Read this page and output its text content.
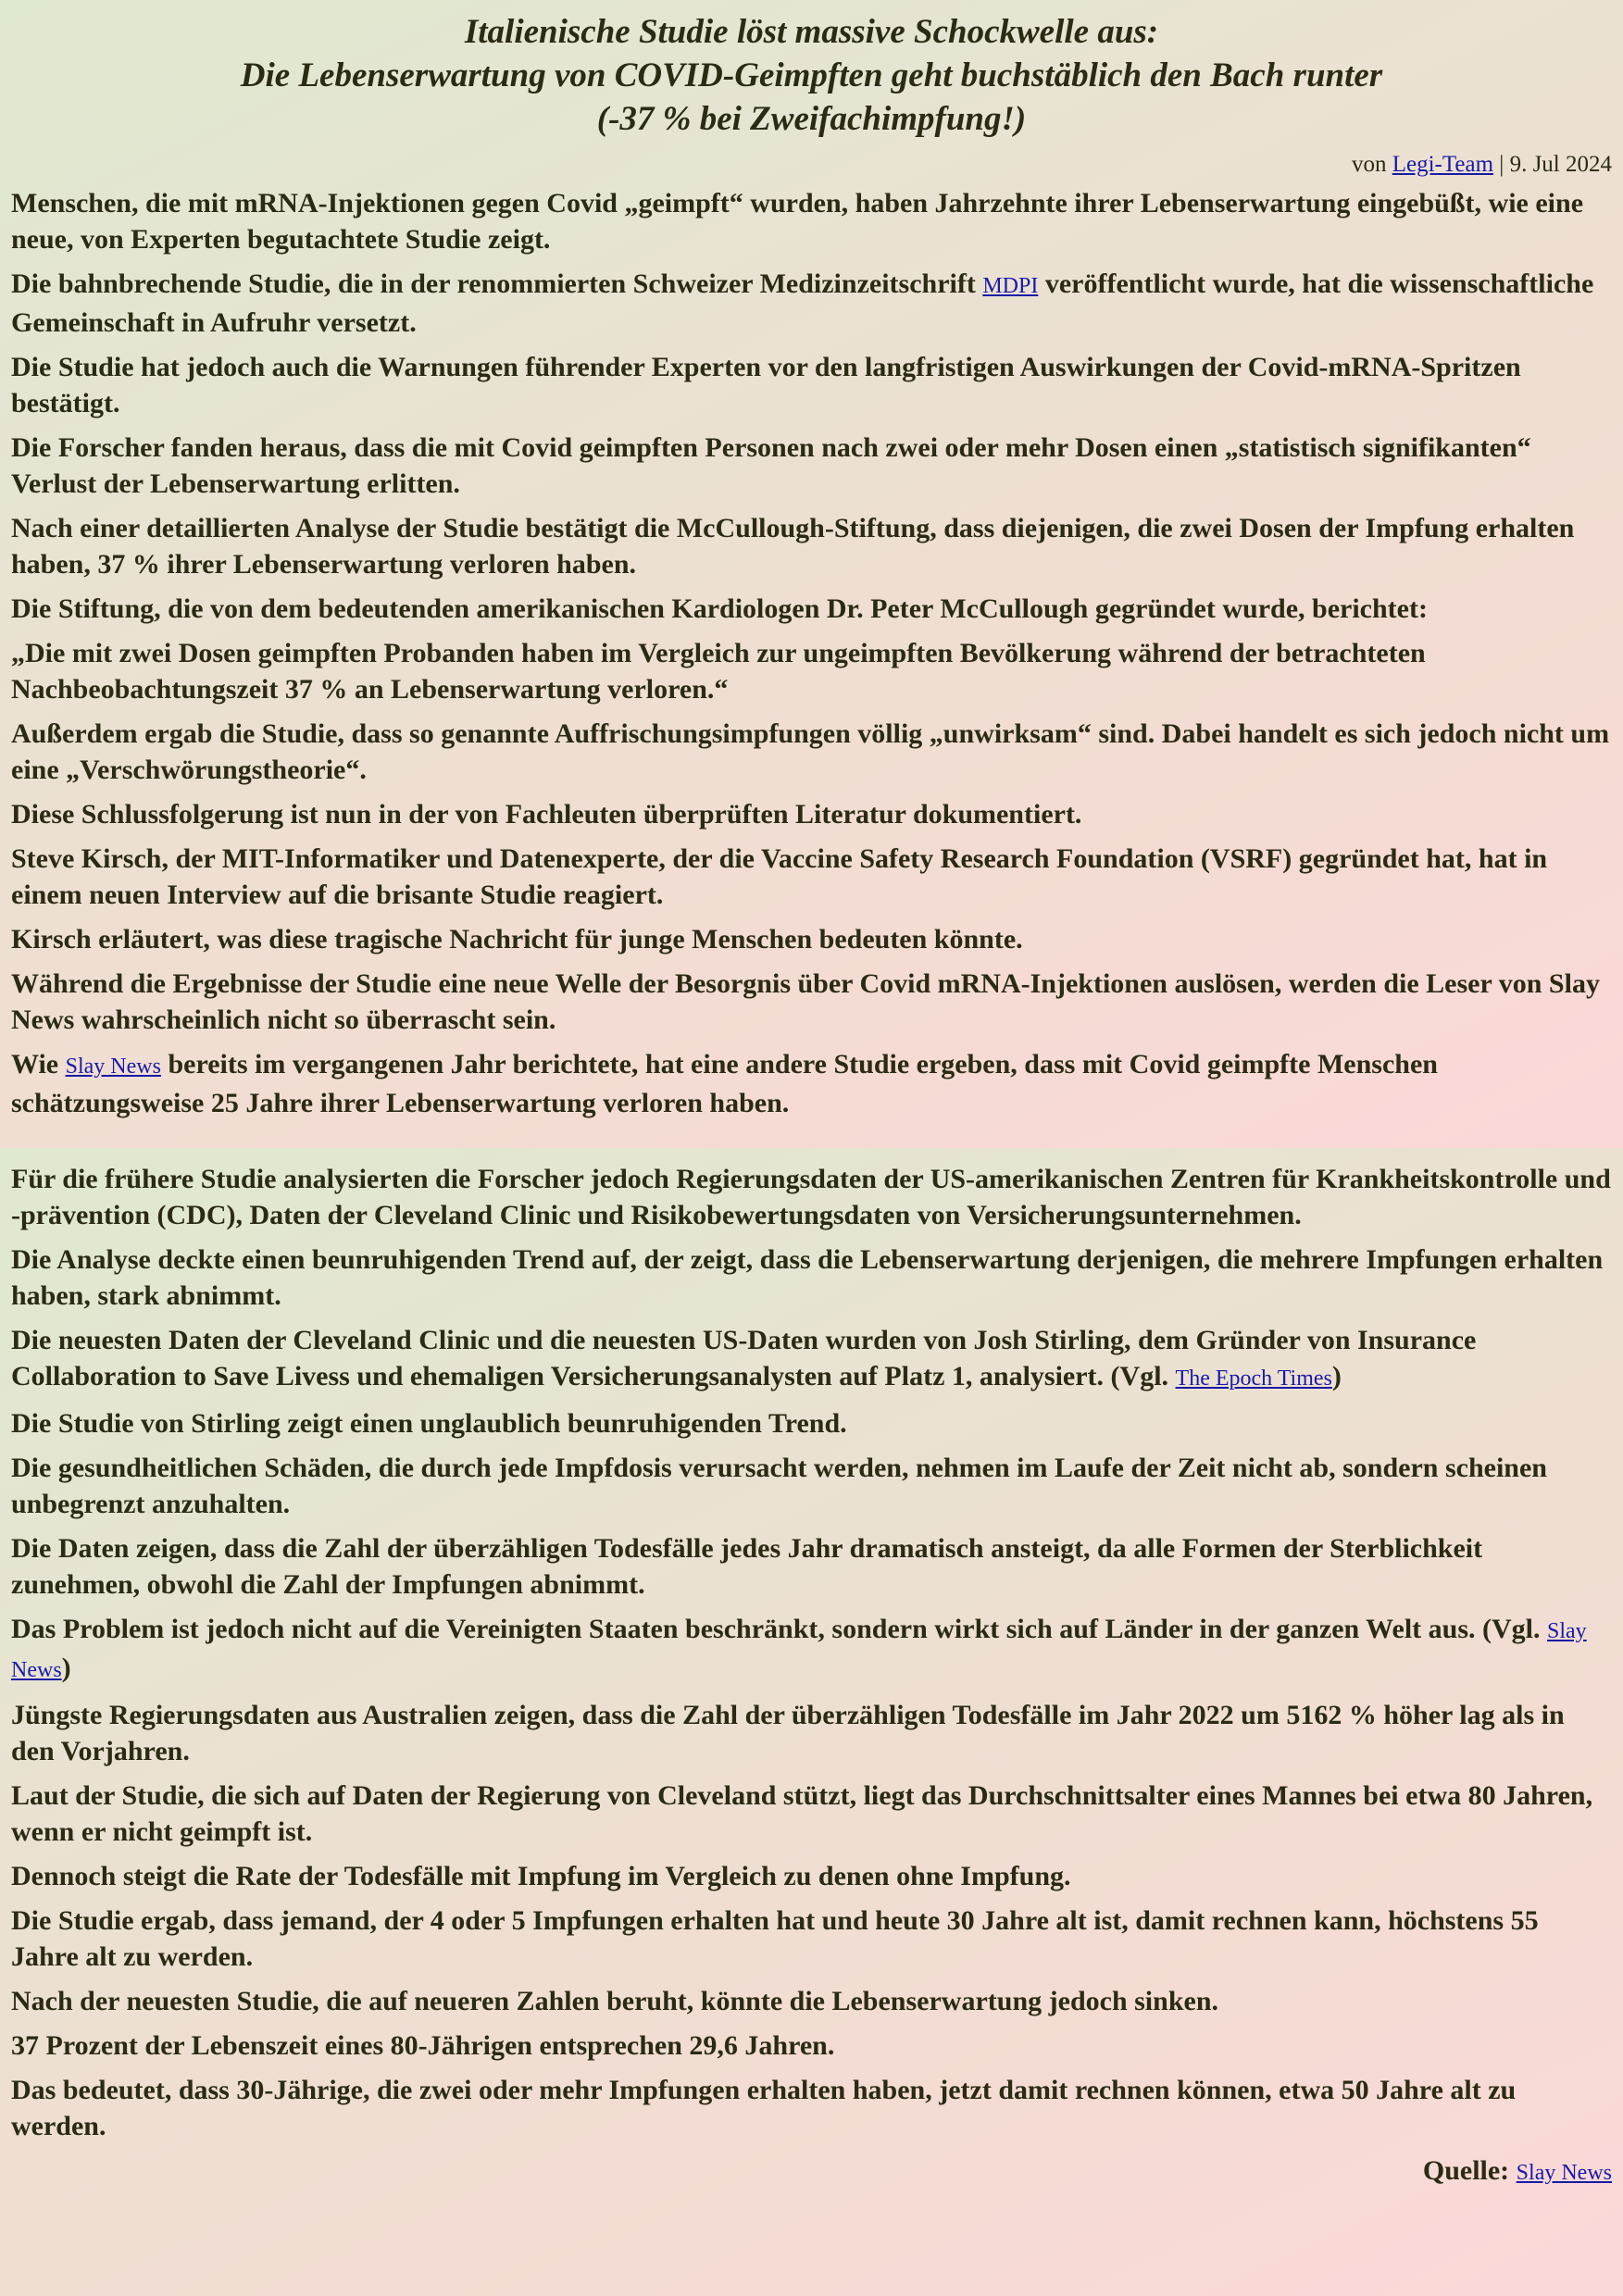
Italienische Studie löst massive Schockwelle aus:
Die Lebenserwartung von COVID-Geimpften geht buchstäblich den Bach runter
(-37 % bei Zweifachimpfung!)
von Legi-Team | 9. Jul 2024

Menschen, die mit mRNA-Injektionen gegen Covid „geimpft“ wurden, haben Jahrzehnte ihrer Lebenserwartung eingebüßt, wie eine neue, von Experten begutachtete Studie zeigt.

Die bahnbrechende Studie, die in der renommierten Schweizer Medizinzeitschrift MDPI veröffentlicht wurde, hat die wissenschaftliche Gemeinschaft in Aufruhr versetzt.

Die Studie hat jedoch auch die Warnungen führender Experten vor den langfristigen Auswirkungen der Covid-mRNA-Spritzen bestätigt.

Die Forscher fanden heraus, dass die mit Covid geimpften Personen nach zwei oder mehr Dosen einen „statistisch signifikanten“ Verlust der Lebenserwartung erlitten.

Nach einer detaillierten Analyse der Studie bestätigt die McCullough-Stiftung, dass diejenigen, die zwei Dosen der Impfung erhalten haben, 37 % ihrer Lebenserwartung verloren haben.

Die Stiftung, die von dem bedeutenden amerikanischen Kardiologen Dr. Peter McCullough gegründet wurde, berichtet:

„Die mit zwei Dosen geimpften Probanden haben im Vergleich zur ungeimpften Bevölkerung während der betrachteten Nachbeobachtungszeit 37 % an Lebenserwartung verloren.“

Außerdem ergab die Studie, dass so genannte Auffrischungsimpfungen völlig „unwirksam“ sind. Dabei handelt es sich jedoch nicht um eine „Verschwörungstheorie“.

Diese Schlussfolgerung ist nun in der von Fachleuten überprüften Literatur dokumentiert.

Steve Kirsch, der MIT-Informatiker und Datenexperte, der die Vaccine Safety Research Foundation (VSRF) gegründet hat, hat in einem neuen Interview auf die brisante Studie reagiert.

Kirsch erläutert, was diese tragische Nachricht für junge Menschen bedeuten könnte.

Während die Ergebnisse der Studie eine neue Welle der Besorgnis über Covid mRNA-Injektionen auslösen, werden die Leser von Slay News wahrscheinlich nicht so überrascht sein.

Wie Slay News bereits im vergangenen Jahr berichtete, hat eine andere Studie ergeben, dass mit Covid geimpfte Menschen schätzungsweise 25 Jahre ihrer Lebenserwartung verloren haben.

Für die frühere Studie analysierten die Forscher jedoch Regierungsdaten der US-amerikanischen Zentren für Krankheitskontrolle und -prävention (CDC), Daten der Cleveland Clinic und Risikobewertungsdaten von Versicherungsunternehmen.

Die Analyse deckte einen beunruhigenden Trend auf, der zeigt, dass die Lebenserwartung derjenigen, die mehrere Impfungen erhalten haben, stark abnimmt.

Die neuesten Daten der Cleveland Clinic und die neuesten US-Daten wurden von Josh Stirling, dem Gründer von Insurance Collaboration to Save Livess und ehemaligen Versicherungsanalysten auf Platz 1, analysiert. (Vgl. The Epoch Times)

Die Studie von Stirling zeigt einen unglaublich beunruhigenden Trend.

Die gesundheitlichen Schäden, die durch jede Impfdosis verursacht werden, nehmen im Laufe der Zeit nicht ab, sondern scheinen unbegrenzt anzuhalten.

Die Daten zeigen, dass die Zahl der überzähligen Todesfälle jedes Jahr dramatisch ansteigt, da alle Formen der Sterblichkeit zunehmen, obwohl die Zahl der Impfungen abnimmt.

Das Problem ist jedoch nicht auf die Vereinigten Staaten beschränkt, sondern wirkt sich auf Länder in der ganzen Welt aus. (Vgl. Slay News)

Jüngste Regierungsdaten aus Australien zeigen, dass die Zahl der überzähligen Todesfälle im Jahr 2022 um 5162 % höher lag als in den Vorjahren.

Laut der Studie, die sich auf Daten der Regierung von Cleveland stützt, liegt das Durchschnittsalter eines Mannes bei etwa 80 Jahren, wenn er nicht geimpft ist.

Dennoch steigt die Rate der Todesfälle mit Impfung im Vergleich zu denen ohne Impfung.

Die Studie ergab, dass jemand, der 4 oder 5 Impfungen erhalten hat und heute 30 Jahre alt ist, damit rechnen kann, höchstens 55 Jahre alt zu werden.

Nach der neuesten Studie, die auf neueren Zahlen beruht, könnte die Lebenserwartung jedoch sinken.

37 Prozent der Lebenszeit eines 80-Jährigen entsprechen 29,6 Jahren.

Das bedeutet, dass 30-Jährige, die zwei oder mehr Impfungen erhalten haben, jetzt damit rechnen können, etwa 50 Jahre alt zu werden.

Quelle: Slay News
